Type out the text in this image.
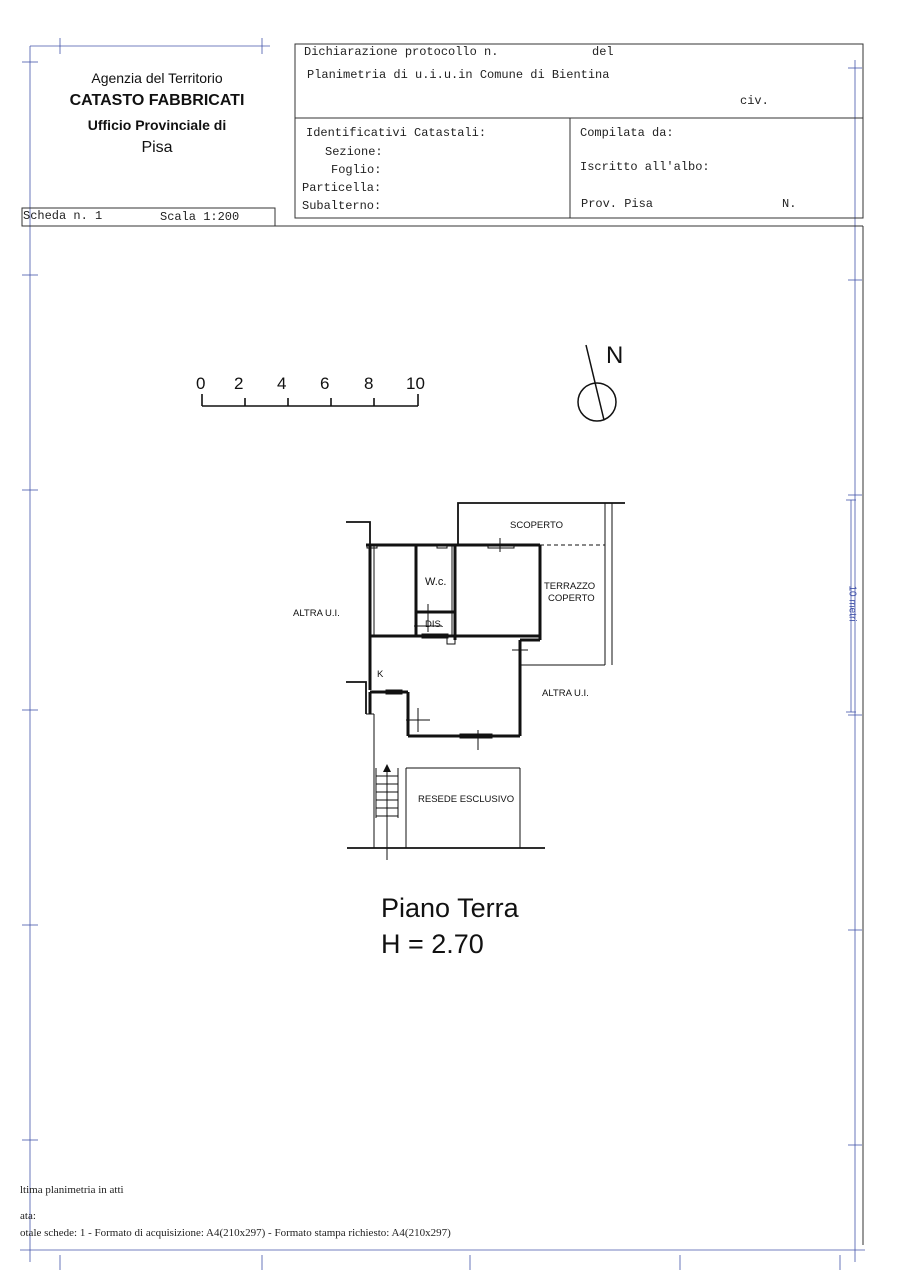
Agenzia del Territorio
CATASTO FABBRICATI
Ufficio Provinciale di
Pisa
Dichiarazione protocollo n.	del
Planimetria di u.i.u.in Comune di Bientina
civ.
Identificativi Catastali:
Sezione:
Foglio:
Particella:
Subalterno:
Compilata da:
Iscritto all'albo:
Prov. Pisa	N.
Scheda n. 1	Scala 1:200
0 2 4 6 8 10
N
10 metri
SCOPERTO
W.c.	TERRAZZO
COPERTO
DIS.
ALTRA U.I.
ALTRA U.I.
K
RESEDE ESCLUSIVO
Piano Terra
H = 2.70
ltima planimetria in atti
ata:
otale schede: 1 - Formato di acquisizione: A4(210x297) - Formato stampa richiesto: A4(210x297)
